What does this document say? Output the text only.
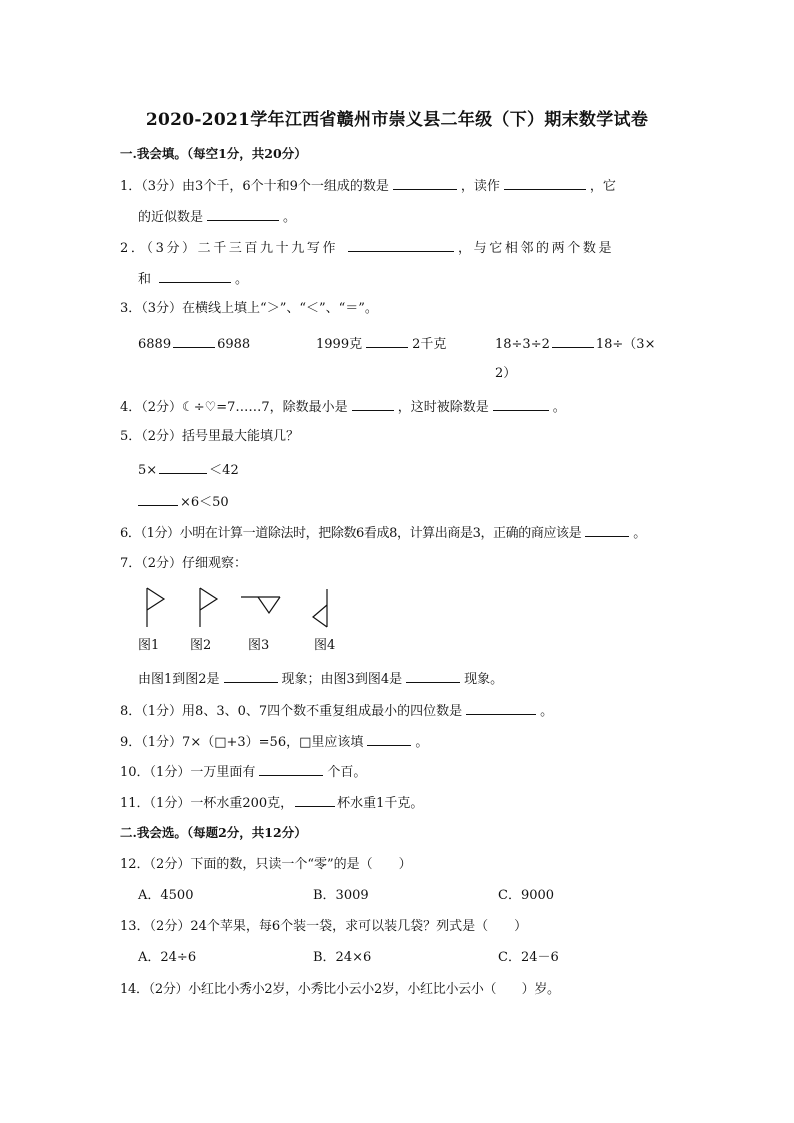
2020-2021学年江西省赣州市崇义县二年级（下）期末数学试卷
一.我会填。（每空1分，共20分）
1．（3分）由3个千，6个十和9个一组成的数是	，读作	，它
的近似数是	。
2．（3分）二千三百九十九写作	，与它相邻的两个数是
和	。
3．（3分）在横线上填上“＞”、“＜”、“＝”。
6889	6988	1999克	2千克	18÷3÷2	18÷（3×
2）
4．（2分）☾÷♡=7……7，除数最小是	，这时被除数是	。
5．（2分）括号里最大能填几？
5×	＜42
×6＜50
6．（1分）小明在计算一道除法时，把除数6看成8，计算出商是3，正确的商应该是	。
7．（2分）仔细观察：
图1 图2	图3	图4
由图1到图2是	现象；由图3到图4是	现象。
8．（1分）用8、3、0、7四个数不重复组成最小的四位数是	。
9．（1分）7×（□+3）=56，□里应该填	。
10．（1分）一万里面有	个百。
11．（1分）一杯水重200克，	杯水重1千克。
二.我会选。（每题2分，共12分）
12．（2分）下面的数，只读一个“零”的是（　　）
A．4500	B．3009	C．9000
13．（2分）24个苹果，每6个装一袋，求可以装几袋？列式是（　　）
A．24÷6	B．24×6	C．24－6
14．（2分）小红比小秀小2岁，小秀比小云小2岁，小红比小云小（　　）岁。
